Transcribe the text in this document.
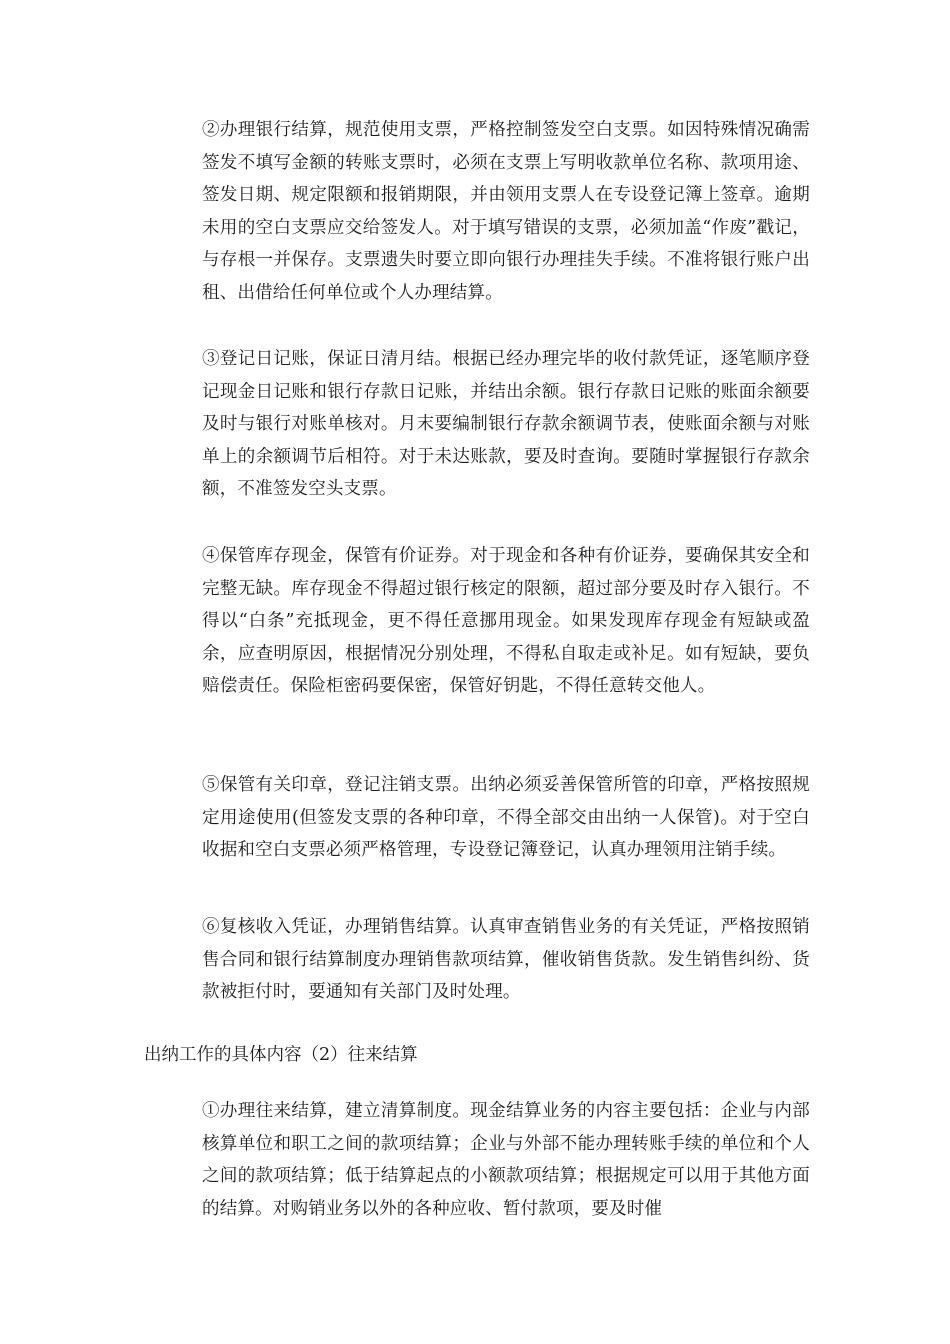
②办理银行结算，规范使用支票，严格控制签发空白支票。如因特殊情况确需签发不填写金额的转账支票时，必须在支票上写明收款单位名称、款项用途、签发日期、规定限额和报销期限，并由领用支票人在专设登记簿上签章。逾期未用的空白支票应交给签发人。对于填写错误的支票，必须加盖“作废”戳记，与存根一并保存。支票遗失时要立即向银行办理挂失手续。不准将银行账户出租、出借给任何单位或个人办理结算。

③登记日记账，保证日清月结。根据已经办理完毕的收付款凭证，逐笔顺序登记现金日记账和银行存款日记账，并结出余额。银行存款日记账的账面余额要及时与银行对账单核对。月末要编制银行存款余额调节表，使账面余额与对账单上的余额调节后相符。对于未达账款，要及时查询。要随时掌握银行存款余额，不准签发空头支票。

④保管库存现金，保管有价证券。对于现金和各种有价证券，要确保其安全和完整无缺。库存现金不得超过银行核定的限额，超过部分要及时存入银行。不得以“白条”充抵现金，更不得任意挪用现金。如果发现库存现金有短缺或盈余，应查明原因，根据情况分别处理，不得私自取走或补足。如有短缺，要负赔偿责任。保险柜密码要保密，保管好钥匙，不得任意转交他人。

⑤保管有关印章，登记注销支票。出纳必须妥善保管所管的印章，严格按照规定用途使用(但签发支票的各种印章，不得全部交由出纳一人保管)。对于空白收据和空白支票必须严格管理，专设登记簿登记，认真办理领用注销手续。

⑥复核收入凭证，办理销售结算。认真审查销售业务的有关凭证，严格按照销售合同和银行结算制度办理销售款项结算，催收销售货款。发生销售纠纷、货款被拒付时，要通知有关部门及时处理。

出纳工作的具体内容（2）往来结算

①办理往来结算，建立清算制度。现金结算业务的内容主要包括：企业与内部核算单位和职工之间的款项结算；企业与外部不能办理转账手续的单位和个人之间的款项结算；低于结算起点的小额款项结算；根据规定可以用于其他方面的结算。对购销业务以外的各种应收、暂付款项，要及时催
